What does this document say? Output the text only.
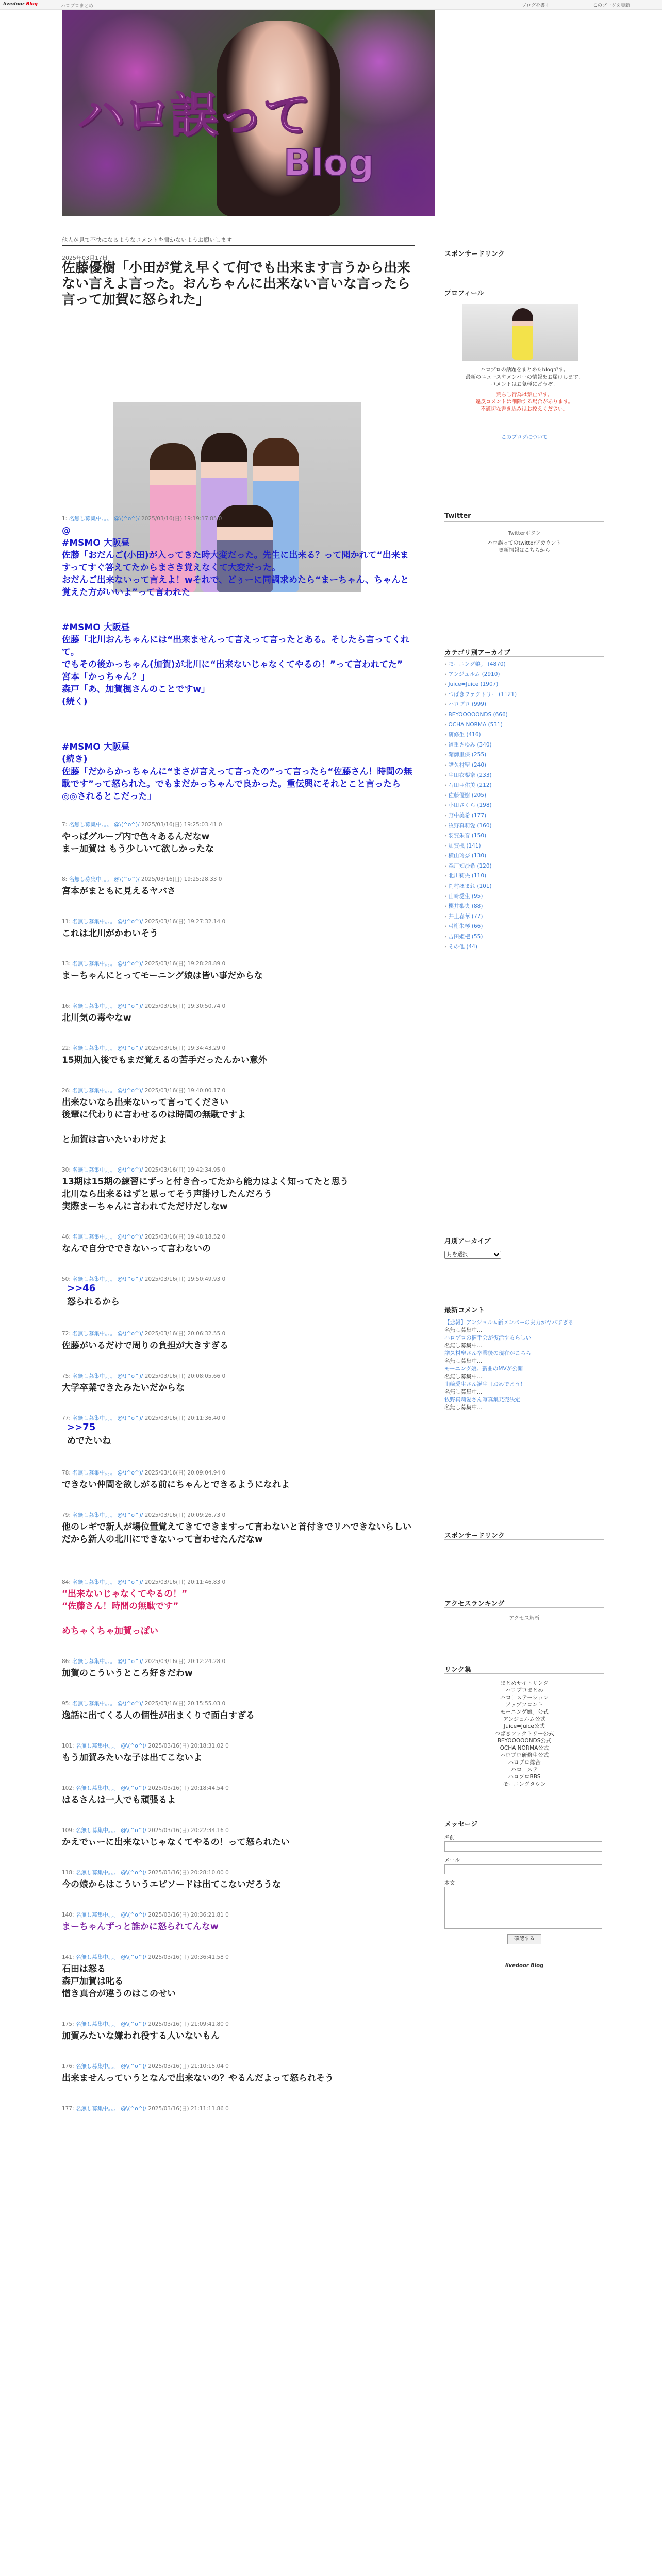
livedoor Blog	ハロプロまとめ	ブログを書く	このブログを更新
ハロ誤って
Blog
他人が見て不快になるようなコメントを書かないようお願いします
2025年03月17日
佐藤優樹「小田が覚え早くて何でも出来ます言うから出来ない言えよ言った。おんちゃんに出来ない言いな言ったら言って加賀に怒られた」
1: 名無し募集中。。。 @\(^o^)/ 2025/03/16(日) 19:19:17.85 0
@
#MSMO 大阪昼
佐藤「おだんご(小田)が入ってきた時大変だった。先生に出来る？って聞かれて“出来ますってすぐ答えてたからまさき覚えなくて大変だった。
おだんご出来ないって言えよ！wそれで、どぅーに同調求めたら“まーちゃん、ちゃんと覚えた方がいいよ”って言われた
#MSMO 大阪昼
佐藤「北川おんちゃんには“出来ませんって言えって言ったとある。そしたら言ってくれて。
でもその後かっちゃん(加賀)が北川に“出来ないじゃなくてやるの！”って言われてた”
宮本「かっちゃん？」
森戸「あ、加賀楓さんのことですw」
(続く)
#MSMO 大阪昼
(続き)
佐藤「だからかっちゃんに“まさが言えって言ったの”って言ったら“佐藤さん！時間の無駄です”って怒られた。でもまだかっちゃんで良かった。重伝興にそれとこと言ったら◎◎されるとこだった」
7: 名無し募集中。。。 @\(^o^)/ 2025/03/16(日) 19:25:03.41 0
やっぱグループ内で色々あるんだなw
まー加賀は もう少しいて欲しかったな
8: 名無し募集中。。。 @\(^o^)/ 2025/03/16(日) 19:25:28.33 0
宮本がまともに見えるヤバさ
11: 名無し募集中。。。 @\(^o^)/ 2025/03/16(日) 19:27:32.14 0
これは北川がかわいそう
13: 名無し募集中。。。 @\(^o^)/ 2025/03/16(日) 19:28:28.89 0
まーちゃんにとってモーニング娘は皆い事だからな
16: 名無し募集中。。。 @\(^o^)/ 2025/03/16(日) 19:30:50.74 0
北川気の毒やなw
22: 名無し募集中。。。 @\(^o^)/ 2025/03/16(日) 19:34:43.29 0
15期加入後でもまだ覚えるの苦手だったんかい意外
26: 名無し募集中。。。 @\(^o^)/ 2025/03/16(日) 19:40:00.17 0
出来ないなら出来ないって言ってください
後輩に代わりに言わせるのは時間の無駄ですよ
と加賀は言いたいわけだよ
30: 名無し募集中。。。 @\(^o^)/ 2025/03/16(日) 19:42:34.95 0
13期は15期の練習にずっと付き合ってたから能力はよく知ってたと思う
北川なら出来るはずと思ってそう声掛けしたんだろう
実際まーちゃんに言われてただけだしなw
46: 名無し募集中。。。 @\(^o^)/ 2025/03/16(日) 19:48:18.52 0
なんで自分でできないって言わないの
50: 名無し募集中。。。 @\(^o^)/ 2025/03/16(日) 19:50:49.93 0
>>46
怒られるから
72: 名無し募集中。。。 @\(^o^)/ 2025/03/16(日) 20:06:32.55 0
佐藤がいるだけで周りの負担が大きすぎる
75: 名無し募集中。。。 @\(^o^)/ 2025/03/16(日) 20:08:05.66 0
大学卒業できたみたいだからな
77: 名無し募集中。。。 @\(^o^)/ 2025/03/16(日) 20:11:36.40 0
>>75
めでたいね
78: 名無し募集中。。。 @\(^o^)/ 2025/03/16(日) 20:09:04.94 0
できない仲間を欲しがる前にちゃんとできるようになれよ
79: 名無し募集中。。。 @\(^o^)/ 2025/03/16(日) 20:09:26.73 0
他のレギで新人が場位置覚えてきてできますって言わないと首付きでリハできないらしい
だから新人の北川にできないって言わせたんだなw
84: 名無し募集中。。。 @\(^o^)/ 2025/03/16(日) 20:11:46.83 0
“出来ないじゃなくてやるの！”
“佐藤さん！時間の無駄です”
めちゃくちゃ加賀っぽい
86: 名無し募集中。。。 @\(^o^)/ 2025/03/16(日) 20:12:24.28 0
加賀のこういうところ好きだわw
95: 名無し募集中。。。 @\(^o^)/ 2025/03/16(日) 20:15:55.03 0
逸話に出てくる人の個性が出まくりで面白すぎる
101: 名無し募集中。。。 @\(^o^)/ 2025/03/16(日) 20:18:31.02 0
もう加賀みたいな子は出てこないよ
102: 名無し募集中。。。 @\(^o^)/ 2025/03/16(日) 20:18:44.54 0
はるさんは一人でも頑張るよ
109: 名無し募集中。。。 @\(^o^)/ 2025/03/16(日) 20:22:34.16 0
かえでぃーに出来ないじゃなくてやるの！って怒られたい
118: 名無し募集中。。。 @\(^o^)/ 2025/03/16(日) 20:28:10.00 0
今の娘からはこういうエピソードは出てこないだろうな
140: 名無し募集中。。。 @\(^o^)/ 2025/03/16(日) 20:36:21.81 0
まーちゃんずっと誰かに怒られてんなw
141: 名無し募集中。。。 @\(^o^)/ 2025/03/16(日) 20:36:41.58 0
石田は怒る
森戸加賀は叱る
憎き真合が違うのはこのせい
175: 名無し募集中。。。 @\(^o^)/ 2025/03/16(日) 21:09:41.80 0
加賀みたいな嫌われ役する人いないもん
176: 名無し募集中。。。 @\(^o^)/ 2025/03/16(日) 21:10:15.04 0
出来ませんっていうとなんで出来ないの？やるんだよって怒られそう
177: 名無し募集中。。。 @\(^o^)/ 2025/03/16(日) 21:11:11.86 0
スポンサードリンク
プロフィール
ハロプロの話題をまとめたblogです。
最新のニュースやメンバーの情報をお届けします。
コメントはお気軽にどうぞ。
荒らし行為は禁止です。
違反コメントは削除する場合があります。
不適切な書き込みはお控えください。
このブログについて
Twitter
Twitterボタン
ハロ誤ってのtwitterアカウント
更新情報はこちらから
カテゴリ別アーカイブ
› モーニング娘。 (4870)
› アンジュルム (2910)
› Juice=Juice (1907)
› つばきファクトリー (1121)
› ハロプロ (999)
› BEYOOOOONDS (666)
› OCHA NORMA (531)
› 研修生 (416)
› 道重さゆみ (340)
› 鞘師里保 (255)
› 譜久村聖 (240)
› 生田衣梨奈 (233)
› 石田亜佑美 (212)
› 佐藤優樹 (205)
› 小田さくら (198)
› 野中美希 (177)
› 牧野真莉愛 (160)
› 羽賀朱音 (150)
› 加賀楓 (141)
› 横山玲奈 (130)
› 森戸知沙希 (120)
› 北川莉央 (110)
› 岡村ほまれ (101)
› 山﨑愛生 (95)
› 櫻井梨央 (88)
› 井上春華 (77)
› 弓桁朱琴 (66)
› 吉田姫杷 (55)
› その他 (44)
月別アーカイブ
月を選択
最新コメント
【悲報】アンジュルム新メンバーの実力がヤバすぎる
名無し募集中...
ハロプロの握手会が復活するらしい
名無し募集中...
譜久村聖さん卒業後の現在がこちら
名無し募集中...
モーニング娘。新曲のMVが公開
名無し募集中...
山﨑愛生さん誕生日おめでとう！
名無し募集中...
牧野真莉愛さん写真集発売決定
名無し募集中...
スポンサードリンク
アクセスランキング
アクセス解析
リンク集
まとめサイトリンク
ハロプロまとめ
ハロ！ステーション
アップフロント
モーニング娘。公式
アンジュルム公式
Juice=Juice公式
つばきファクトリー公式
BEYOOOOONDS公式
OCHA NORMA公式
ハロプロ研修生公式
ハロプロ総合
ハロ！ステ
ハロプロBBS
モーニングタウン
メッセージ
名前
メール
本文
確認する
livedoor Blog
